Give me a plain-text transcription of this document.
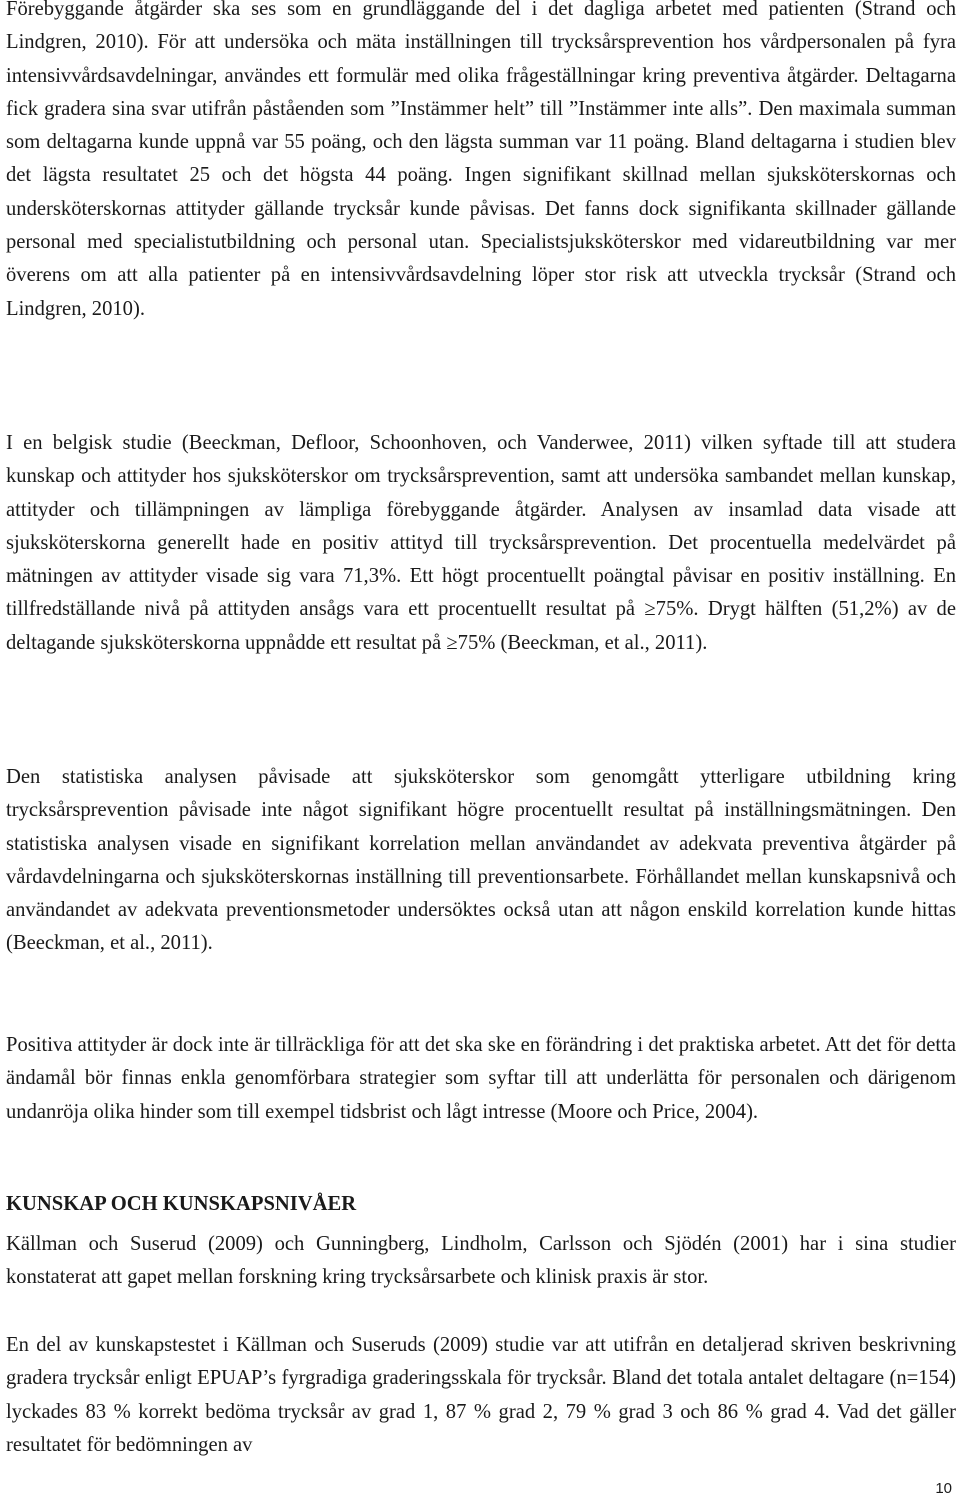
Förebyggande åtgärder ska ses som en grundläggande del i det dagliga arbetet med patienten (Strand och Lindgren, 2010). För att undersöka och mäta inställningen till trycksårsprevention hos vårdpersonalen på fyra intensivvårdsavdelningar, användes ett formulär med olika frågeställningar kring preventiva åtgärder. Deltagarna fick gradera sina svar utifrån påståenden som ”Instämmer helt” till ”Instämmer inte alls”. Den maximala summan som deltagarna kunde uppnå var 55 poäng, och den lägsta summan var 11 poäng. Bland deltagarna i studien blev det lägsta resultatet 25 och det högsta 44 poäng. Ingen signifikant skillnad mellan sjuksköterskornas och undersköterskornas attityder gällande trycksår kunde påvisas. Det fanns dock signifikanta skillnader gällande personal med specialistutbildning och personal utan. Specialistsjuksköterskor med vidareutbildning var mer överens om att alla patienter på en intensivvårdsavdelning löper stor risk att utveckla trycksår (Strand och Lindgren, 2010).

I en belgisk studie (Beeckman, Defloor, Schoonhoven, och Vanderwee, 2011) vilken syftade till att studera kunskap och attityder hos sjuksköterskor om trycksårsprevention, samt att undersöka sambandet mellan kunskap, attityder och tillämpningen av lämpliga förebyggande åtgärder. Analysen av insamlad data visade att sjuksköterskorna generellt hade en positiv attityd till trycksårsprevention. Det procentuella medelvärdet på mätningen av attityder visade sig vara 71,3%. Ett högt procentuellt poängtal påvisar en positiv inställning. En tillfredställande nivå på attityden ansågs vara ett procentuellt resultat på ≥75%. Drygt hälften (51,2%) av de deltagande sjuksköterskorna uppnådde ett resultat på ≥75% (Beeckman, et al., 2011).

Den statistiska analysen påvisade att sjuksköterskor som genomgått ytterligare utbildning kring trycksårsprevention påvisade inte något signifikant högre procentuellt resultat på inställningsmätningen. Den statistiska analysen visade en signifikant korrelation mellan användandet av adekvata preventiva åtgärder på vårdavdelningarna och sjuksköterskornas inställning till preventionsarbete. Förhållandet mellan kunskapsnivå och användandet av adekvata preventionsmetoder undersöktes också utan att någon enskild korrelation kunde hittas (Beeckman, et al., 2011).

Positiva attityder är dock inte är tillräckliga för att det ska ske en förändring i det praktiska arbetet. Att det för detta ändamål bör finnas enkla genomförbara strategier som syftar till att underlätta för personalen och därigenom undanröja olika hinder som till exempel tidsbrist och lågt intresse (Moore och Price, 2004).

KUNSKAP OCH KUNSKAPSNIVÅER

Källman och Suserud (2009) och Gunningberg, Lindholm, Carlsson och Sjödén (2001) har i sina studier konstaterat att gapet mellan forskning kring trycksårsarbete och klinisk praxis är stor.

En del av kunskapstestet i Källman och Suseruds (2009) studie var att utifrån en detaljerad skriven beskrivning gradera trycksår enligt EPUAP’s fyrgradiga graderingsskala för trycksår. Bland det totala antalet deltagare (n=154) lyckades 83 % korrekt bedöma trycksår av grad 1, 87 % grad 2, 79 % grad 3 och 86 % grad 4. Vad det gäller resultatet för bedömningen av

10
